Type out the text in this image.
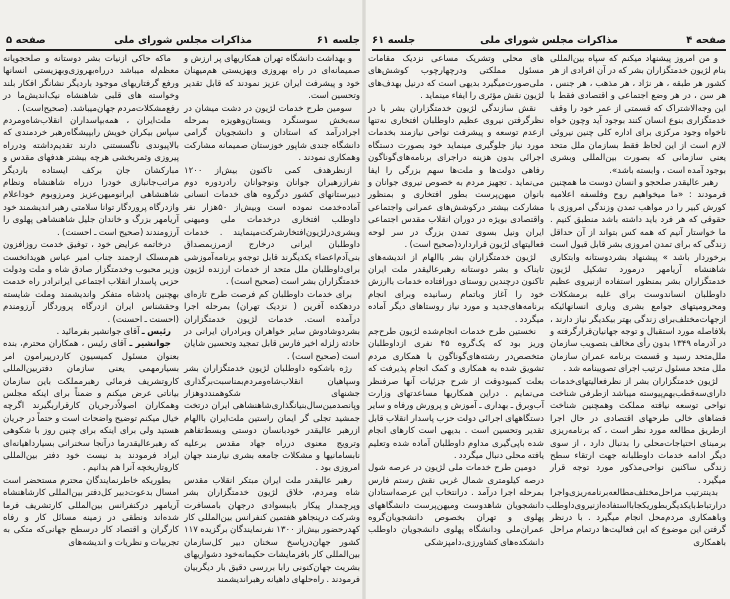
جلسه ۶۱
مذاکرات مجلس شورای ملی
صفحه ۵

و بهداشت دانشگاه تهران همکاریهای پر ارزش و صمیمانه‌ای در راه بهروزی وبهزیستی هم‌میهنان خود و پیشرفت ایران عزیز نمودند که قابل تقدیر وتحسین است.

سومین طرح خدمات لژیون در دشت میشان در سه‌بخش سوسنگرد وبستان‌وهویزه بمرحله اجرادرآمد که استادان و دانشجویان گرامی دانشگاه جندی شاپور خوزستان صمیمانه مشارکت وهمکاری نمودند .

ازنظرهدف کمی تاکنون بیش‌از ۱۲۰۰ نفرازرهبران جوانان ونوجوانان رادردوره دوم دبیرستانهای کشور درگروه های خدمات انسانی آماده‌خدمت نموده است وبیش‌از ۵۰هزار نفر داوطلب افتخاری درخدمات ملی ومیهنی وبشری‌درلژیون‌افتخار‌شرکت‌مینمایند . خدمات داوطلبان ایرانی درخارج ازمرزبمصداق بنی‌آدم‌اعضاء یکدیگرند قابل توجه‌و برنامه‌آموزشی برای‌داوطلبان ملل متحد از خدمات ارزنده لژیون خدمتگزاران بشر است (صحیح است) .

برای خدمات داوطلبان کم فرصت طرح تازه‌ای دردهکده آفرین ( نزدیک تهران) بمرحله اجرا درآمده است. خدمات لژیون خدمتگزاران بشردوشادوش سایر خواهران وبرادران ایرانی در حادثه زلزله اخیر فارس قابل تمجید وتحسین شایان است (صحیح است) .

رژه باشکوه داوطلبان لژیون خدمتگزاران بشر وسپاهیان انقلاب‌شاه‌ومردم‌بمناسبت‌برگذاری جشنهای شکوهمنددوهزار وپانصدمین‌سال‌بنیانگذاری‌شاهنشاهی ایران درتخت جمشید تجلی گر ایمان راستین ملت‌ایران باالهام ازرهبر عالیقدر خودبانسان دوستی وبسط‌تفاهم وترویج معنوی درراه جهاد مقدس برعلیه نابسامانیها و مشکلات جامعه بشری نیازمند جهان امروزی بود .

رهبر عالیقدر ملت ایران مبتکر انقلاب مقدس شاه ومردم، خلاق لژیون خدمتگزاران بشر وپرچمدار پیکار باببسوادی درجهان بامسافرت وشرکت درپنجاهو هفتمین کنفرانس بین‌المللی کار کهدرحضور بیش‌از ۱۳۰۰ نفرنمایندگان برگزیده ۱۱۷ کشور جهان‌درپاسخ سخنان دبیر کل‌سازمان بین‌المللی کار بافرمایشات حکیمانه‌خود دشوار‌یهای بشریت جهان‌کنونی رابا بررسی دقیق بار دیگربیان فرمودند . راه‌حلهای داهیانه رهبراندیشمند

ماکه حاکی ازنیات بشر دوستانه و صلحجویانه معظم‌له میباشد درراه‌بهروزی‌وبهزیستی انسانها ورفع گرفتاریهای موجود باردیگر نشانگر افکار بلند وخواسته های قلبی شاهنشاه نیک‌اندیش‌ما در رفع‌مشکلات‌مردم جهان‌میباشد. (صحیح‌است) .

ملت‌ایران ، همه‌بپاسداران انقلاب‌شاه‌ومردم سپاس بیکران خویش رابپیشگاه‌رهبر خردمندی که بالاپیوندی ناگسستنی دارند تقدیم‌داشته ودرراه پیروزی وثمربخشی هرچه بیشتر هدفهای مقدس و مبارکشان جان برکف ایستاده باردیگر مراتب‌جانبازی خودرا درراه شاهنشاه ونظام شاهنشاهی ایرانومیهن‌عزیز ومرزوبوم خوداعلام وازدرگاه پروردگار توانا سلامتی رهبر اندیشمند خود آریامهر بزرگ و خاندان جلیل شاهنشاهی پهلوی را آرزومندند (صحیح است ـ احسنت) .

درخاتمه عرایض خود ، توفیق خدمت روزافزون هم‌مسلک ارجمند جناب امیر عباس هویدانخست وزیر محبوب وخدمتگزار صادق شاه و ملت ودولت حزبی پاسدار انقلاب اجتماعی ایرانرادر راه خدمت بهچنین پادشاه متفکر واندیشمند وملت شایسته وحقشناس ایران ازدرگاه پروردگار آرزومندم (احسنت ـ احسنت) .

رئیس ـ آقای جوانشیر بفرمائید .

جوانشیر ـ آقای رئیس ، همکاران محترم، بنده بعنوان مسئول کمیسیون کاردرپیرامون امر بسیارمهمی یعنی سازمان دفتربین‌المللی کاروتشریف فرمائی رهبرمملکت باین سازمان بیاناتی عرض میکنم و ضمناً برای اینکه مجلس وهمکاران اصولاًدرجریان کارقراربگیرند اگرچه خیال میکنم توضیح واضحات است و حتماً در جریان هستید ولی برای اینکه برای چنین روز با شکوهی که رهبرعالیقدرما درآنجا سخنرانی بسیارداهیانه‌ای ایراد فرمودند بد نیست خود دفتر بین‌المللی کاروتاریخچه آنرا هم بدانیم .

بطوریکه خاطرنمایندگان محترم مستحضر است امسال بدعوت‌دبیر کل‌دفتر بین‌المللی کارشاهنشاه آریامهر درکنفرانس بین‌المللی کارتشریف فرما شده‌اند ونطقی در زمینه مسائل کار و رفاه کارگران و اقتصاد کار درسطح جهانی‌که متکی به تجربیات و نظریات و اندیشه‌های

صفحه ۴
مذاکرات مجلس شورای ملی
جلسه ۶۱

و من امروز پیشنهاد میکنم که سپاه بین‌المللی بنام لژیون خدمتگزاران بشر که در آن افرادی از هر کشور هر طبقه ، هر نژاد ، هر مذهب ، هر جنس ، هر سن ، در هر وضع اجتماعی و اقتصادی فقط با این وجه‌الاشتراک که قسمتی از عمر خود را وقف خدمتگزاری بنوع انسان کنند بوجود آید وچون خواه ناخواه وجود مرکزی برای اداره کلی چنین نیروئی لازم است از این لحاظ فقط بسازمان ملل متحد یعنی سازمانی که بصورت بین‌المللی وبشری بوجود آمده است ، وابسته باشد».

رهبر عالیقدر صلحجو و انسان دوست ما همچنین فرمودند : «ما میخواهیم روح وفلسفه اعلامیه کورش کبیر را در مواهب تمدن وزندگی امروزی با حقوقی که هر فرد باید داشته باشد منطبق کنیم . ما خواستار آنیم که همه کس بتواند از آن حداقل زندگی که برای تمدن امروزی بشر قابل قبول است برخوردار باشد » پیشنهاد بشردوستانه وابتکاری شاهنشاه آریامهر درمورد تشکیل لژیون خدمتگزاران بشر بمنظور استفاده ازنیروی عظیم داوطلبان انساندوست برای غلبه برمشکلات ومحرومیتهای جوامع بشری ویاری انسانهائیکه ازجهات‌مختلف‌برای زندگی بهتر بیکدیگر نیاز دارند ، بلافاصله مورد استقبال و توجه جهانیان‌قرارگرفته و در آذرماه ۱۳۴۹ بدون رأی مخالف بتصویب سازمان ملل‌متحد رسید و قسمت برنامه عمران سازمان ملل متحد مسئول ترتیب اجرای تصویبنامه شد .

لژیون خدمتگزاران بشر از نظرفعالیتهای‌خدمات دارای‌سه‌قطب‌بهم‌پیوسته میباشد ازطرفی شناخت نواحی توسعه نیافته مملکت وهمچنین شناخت فضاهای خالی طرحهای اقتصادی در حال اجرا ازطریق مطالعه مورد نظر است ، که برنامه‌ریزی برمبنای احتیاجات‌محلی را بدنبال دارد ، از سوی دیگر ادامه خدمات داوطلبانه جهت ارتقاء سطح زندگی ساکنین نواحی‌مذکور مورد توجه قرار میگیرد .

بدینترتیب مراحل‌مختلف‌مطالعه‌برنامه‌ریزی‌واجرا درارتباط‌بایکدیگر‌بطور‌یکجاباا‌ستفاده‌ازنیروی‌داوطلب وباهمکاری مردم‌محل انجام میگیرد . با درنظر گرفتن این موضوع که این فعالیت‌ها درتمام مراحل باهمکاری

های محلی وتشریک مساعی نزدیک مقامات مسئول مملکتی ودرچهارچوب کوشش‌های ملی‌صورت‌میگیرد بدیهی است که درنیل بهدف‌های لژیون نقش مؤثری را ایفاء مینماید .

نقش سازندگی لژیون خدمتگزاران بشر با در نظرگرفتن نیروی عظیم داوطلبان افتخاری نه‌تنها ازعدم توسعه و پیشرفت نواحی نیازمند بخدمات مورد نیاز جلوگیری مینماید خود بصورت دستگاه اجرائی بدون هزینه دراجرای برنامه‌های‌گوناگون رفاهی دولت‌ها و ملت‌ها سهم بزرگی را ایفا می‌نماید . تجهیز مردم به خصوص نیروی جوانان و بانوان میهن‌پرست بطور افتخاری و بمنظور مشارکت بیشتر درکوشش‌های عمرانی واجتماعی واقتصادی بویژه در دوران انقلاب مقدس اجتماعی ایران ونیل بسوی تمدن بزرگ در سر لوحه فعالیتهای لژیون قراردارد(صحیح است) .

لژیون خدمتگزاران بشر باالهام از اندیشه‌های تابناک و بشر دوستانه رهبرعالیقدر ملت ایران تاکنون درچندین روستای دورافتاده خدمات باارزش خود را آغاز وباتمام رسانیده وبرای انجام برنامه‌های‌جدید و مورد نیاز روستاهای دیگر آماده میگردد .

نخستین طرح خدمات انجام‌شده لژیون طرح‌جم وریز بود که یک‌گروه ۴۵ نفری ازداوطلبان متخصص‌در رشته‌های‌گوناگون با همکاری مردم تشویق شده به همکاری و کمک انجام پذیرفت که بعلت کمبودوقت از شرح جزئیات آنها صرفنظر می‌نمایم . دراین همکاریها مساعدتهای وزارت آب‌وبرق ـ بهداری ـ آموزش و پرورش ورفاه و سایر دستگاههای اجرائی دولت حزب پاسدار انقلاب قابل تقدیر وتحسین است . بدیهی است کارهای انجام شده باپی‌گیری مداوم داوطلبان آماده شده وتعلیم یافته محلی دنبال میگردد .

دومین طرح خدمات ملی لژیون در عرصه شول درصه کیلومتری شمال غربی نقش رستم فارس بمرحله اجرا درآمد . درانتخاب این عرصه‌استادان دانشجویان شاهدوست ومیهن‌پرست دانشگاههای پهلوی و تهران بخصوص دانشجویان‌گروه عمران‌ملی ودانشگاه پهلوی دانشجویان داوطلب دانشکده‌های کشاورزی،دامپزشکی
